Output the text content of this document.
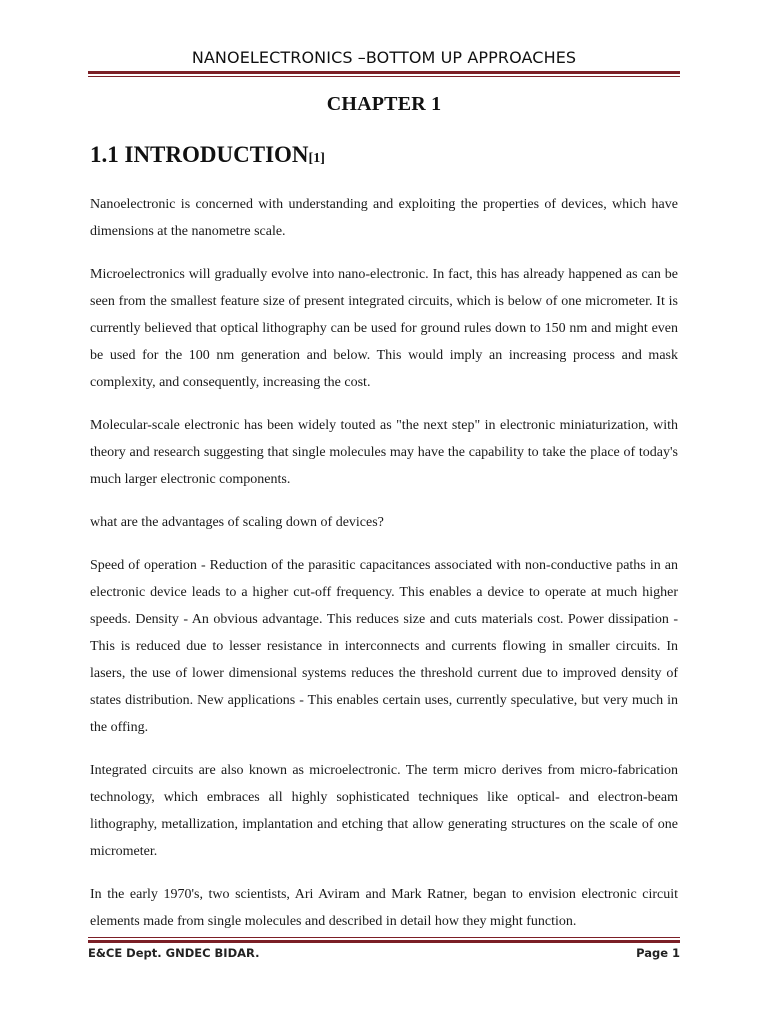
NANOELECTRONICS –BOTTOM UP APPROACHES
CHAPTER 1
1.1 INTRODUCTION[1]

Nanoelectronic is concerned with understanding and exploiting the properties of devices, which have dimensions at the nanometre scale.

Microelectronics will gradually evolve into nano-electronic. In fact, this has already happened as can be seen from the smallest feature size of present integrated circuits, which is below of one micrometer. It is currently believed that optical lithography can be used for ground rules down to 150 nm and might even be used for the 100 nm generation and below. This would imply an increasing process and mask complexity, and consequently, increasing the cost.

Molecular-scale electronic has been widely touted as "the next step" in electronic miniaturization, with theory and research suggesting that single molecules may have the capability to take the place of today's much larger electronic components.

what are the advantages of scaling down of devices?

Speed of operation - Reduction of the parasitic capacitances associated with non-conductive paths in an electronic device leads to a higher cut-off frequency. This enables a device to operate at much higher speeds. Density - An obvious advantage. This reduces size and cuts materials cost. Power dissipation - This is reduced due to lesser resistance in interconnects and currents flowing in smaller circuits. In lasers, the use of lower dimensional systems reduces the threshold current due to improved density of states distribution. New applications - This enables certain uses, currently speculative, but very much in the offing.

Integrated circuits are also known as microelectronic. The term micro derives from micro-fabrication technology, which embraces all highly sophisticated techniques like optical- and electron-beam lithography, metallization, implantation and etching that allow generating structures on the scale of one micrometer.

In the early 1970's, two scientists, Ari Aviram and Mark Ratner, began to envision electronic circuit elements made from single molecules and described in detail how they might function.

E&CE Dept. GNDEC BIDAR.	Page 1
